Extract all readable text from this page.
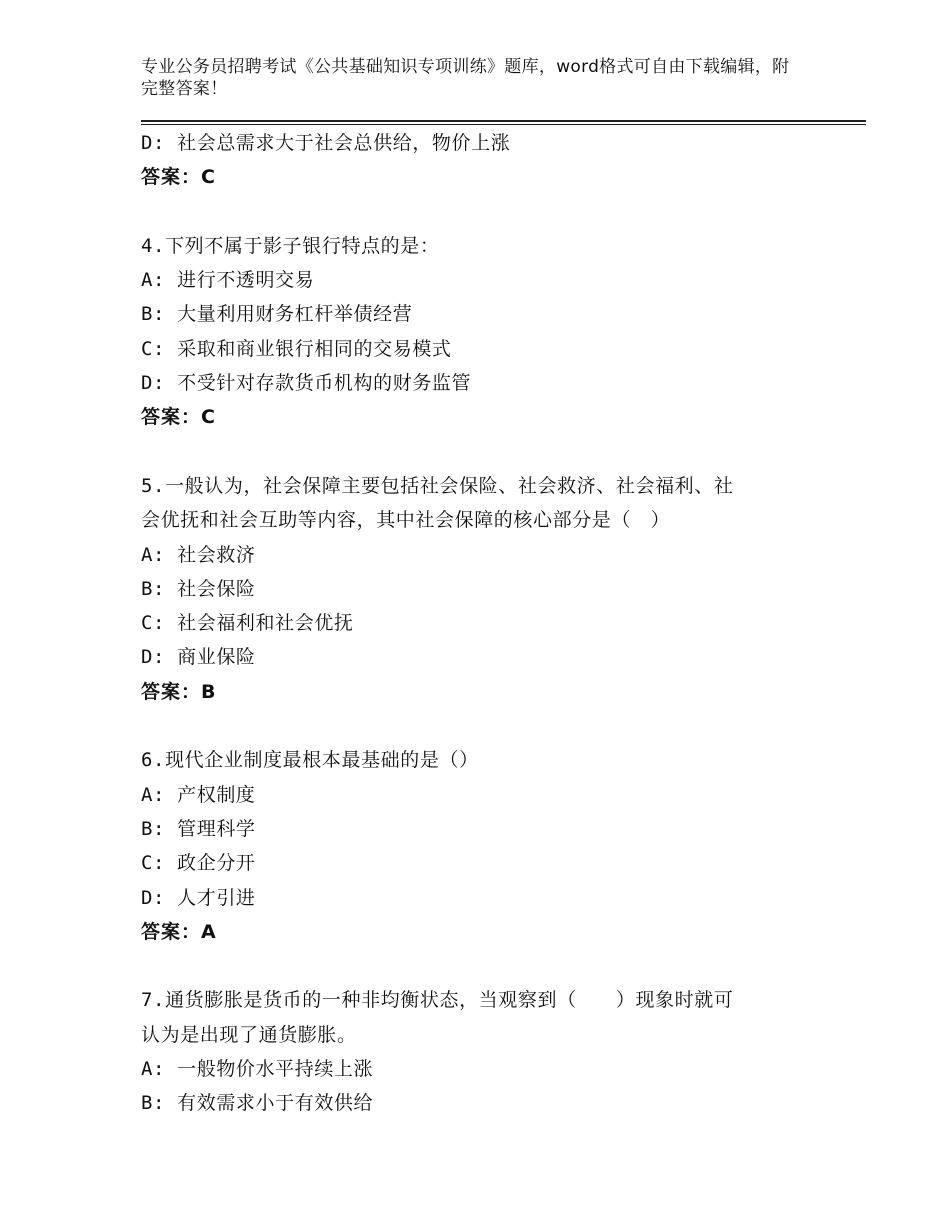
专业公务员招聘考试《公共基础知识专项训练》题库，word格式可自由下载编辑，附完整答案！
D: 社会总需求大于社会总供给，物价上涨
答案：C
4.下列不属于影子银行特点的是：
A: 进行不透明交易
B: 大量利用财务杠杆举债经营
C: 采取和商业银行相同的交易模式
D: 不受针对存款货币机构的财务监管
答案：C
5.一般认为，社会保障主要包括社会保险、社会救济、社会福利、社
会优抚和社会互助等内容，其中社会保障的核心部分是（　）
A: 社会救济
B: 社会保险
C: 社会福利和社会优抚
D: 商业保险
答案：B
6.现代企业制度最根本最基础的是（）
A: 产权制度
B: 管理科学
C: 政企分开
D: 人才引进
答案：A
7.通货膨胀是货币的一种非均衡状态，当观察到（　　）现象时就可
认为是出现了通货膨胀。
A: 一般物价水平持续上涨
B: 有效需求小于有效供给
